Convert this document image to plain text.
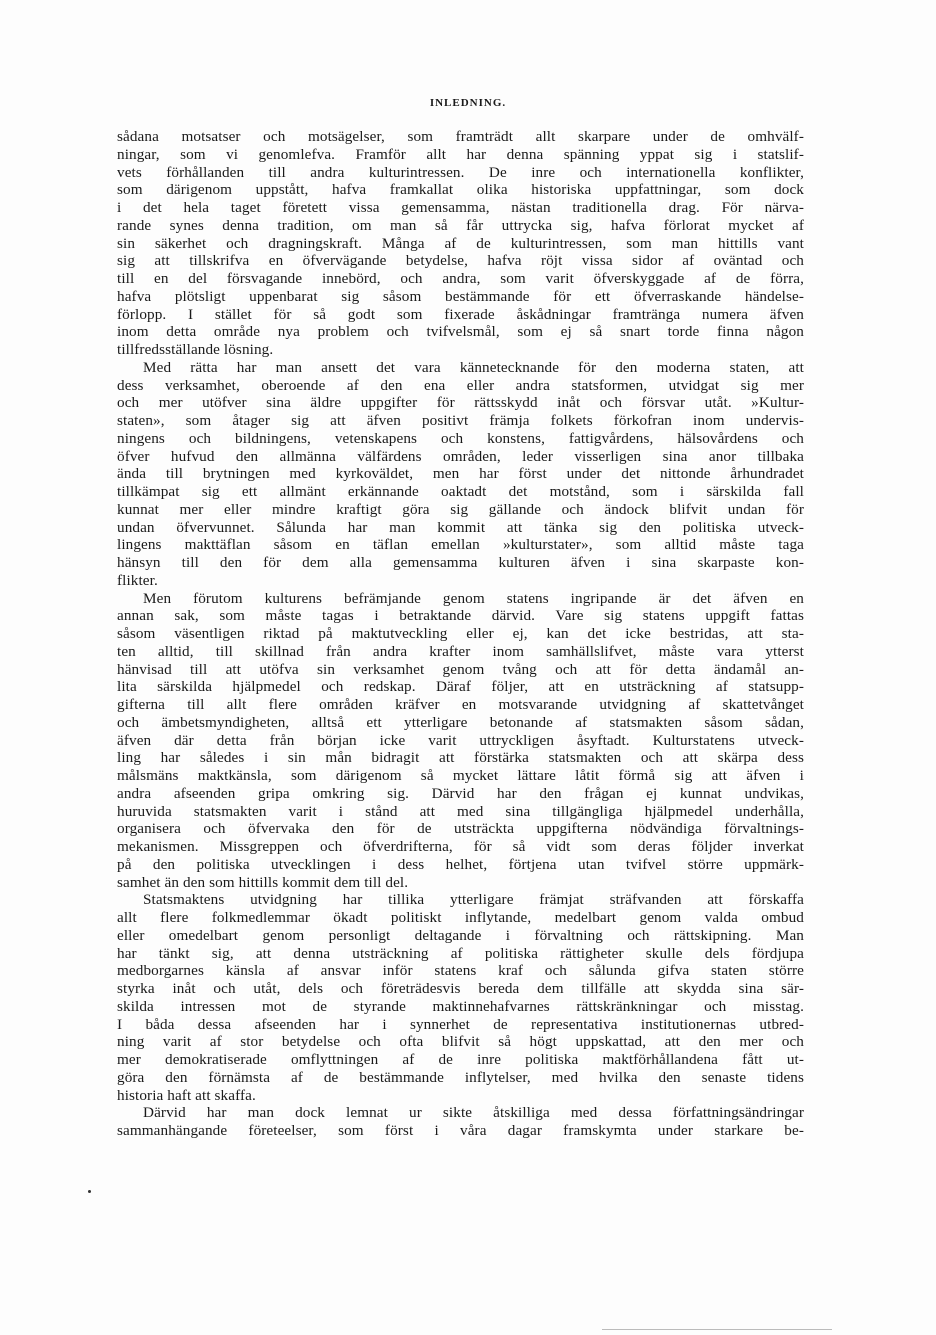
INLEDNING.
sådana motsatser och motsägelser, som framträdt allt skarpare under de omhvälf-
ningar, som vi genomlefva. Framför allt har denna spänning yppat sig i statslif-
vets förhållanden till andra kulturintressen. De inre och internationella konflikter,
som därigenom uppstått, hafva framkallat olika historiska uppfattningar, som dock
i det hela taget företett vissa gemensamma, nästan traditionella drag. För närva-
rande synes denna tradition, om man så får uttrycka sig, hafva förlorat mycket af
sin säkerhet och dragningskraft. Många af de kulturintressen, som man hittills vant
sig att tillskrifva en öfvervägande betydelse, hafva röjt vissa sidor af oväntad och
till en del försvagande innebörd, och andra, som varit öfverskyggade af de förra,
hafva plötsligt uppenbarat sig såsom bestämmande för ett öfverraskande händelse-
förlopp. I stället för så godt som fixerade åskådningar framtränga numera äfven
inom detta område nya problem och tvifvelsmål, som ej så snart torde finna någon
tillfredsställande lösning.
Med rätta har man ansett det vara kännetecknande för den moderna staten, att
dess verksamhet, oberoende af den ena eller andra statsformen, utvidgat sig mer
och mer utöfver sina äldre uppgifter för rättsskydd inåt och försvar utåt. »Kultur-
staten», som åtager sig att äfven positivt främja folkets förkofran inom undervis-
ningens och bildningens, vetenskapens och konstens, fattigvårdens, hälsovårdens och
öfver hufvud den allmänna välfärdens områden, leder visserligen sina anor tillbaka
ända till brytningen med kyrkoväldet, men har först under det nittonde århundradet
tillkämpat sig ett allmänt erkännande oaktadt det motstånd, som i särskilda fall
kunnat mer eller mindre kraftigt göra sig gällande och ändock blifvit undan för
undan öfvervunnet. Sålunda har man kommit att tänka sig den politiska utveck-
lingens makttäflan såsom en täflan emellan »kulturstater», som alltid måste taga
hänsyn till den för dem alla gemensamma kulturen äfven i sina skarpaste kon-
flikter.
Men förutom kulturens befrämjande genom statens ingripande är det äfven en
annan sak, som måste tagas i betraktande därvid. Vare sig statens uppgift fattas
såsom väsentligen riktad på maktutveckling eller ej, kan det icke bestridas, att sta-
ten alltid, till skillnad från andra krafter inom samhällslifvet, måste vara ytterst
hänvisad till att utöfva sin verksamhet genom tvång och att för detta ändamål an-
lita särskilda hjälpmedel och redskap. Däraf följer, att en utsträckning af statsupp-
gifterna till allt flere områden kräfver en motsvarande utvidgning af skattetvånget
och ämbetsmyndigheten, alltså ett ytterligare betonande af statsmakten såsom sådan,
äfven där detta från början icke varit uttryckligen åsyftadt. Kulturstatens utveck-
ling har således i sin mån bidragit att förstärka statsmakten och att skärpa dess
målsmäns maktkänsla, som därigenom så mycket lättare låtit förmå sig att äfven i
andra afseenden gripa omkring sig. Därvid har den frågan ej kunnat undvikas,
huruvida statsmakten varit i stånd att med sina tillgängliga hjälpmedel underhålla,
organisera och öfvervaka den för de utsträckta uppgifterna nödvändiga förvaltnings-
mekanismen. Missgreppen och öfverdrifterna, för så vidt som deras följder inverkat
på den politiska utvecklingen i dess helhet, förtjena utan tvifvel större uppmärk-
samhet än den som hittills kommit dem till del.
Statsmaktens utvidgning har tillika ytterligare främjat sträfvanden att förskaffa
allt flere folkmedlemmar ökadt politiskt inflytande, medelbart genom valda ombud
eller omedelbart genom personligt deltagande i förvaltning och rättskipning. Man
har tänkt sig, att denna utsträckning af politiska rättigheter skulle dels fördjupa
medborgarnes känsla af ansvar inför statens kraf och sålunda gifva staten större
styrka inåt och utåt, dels och företrädesvis bereda dem tillfälle att skydda sina sär-
skilda intressen mot de styrande maktinnehafvarnes rättskränkningar och misstag.
I båda dessa afseenden har i synnerhet de representativa institutionernas utbred-
ning varit af stor betydelse och ofta blifvit så högt uppskattad, att den mer och
mer demokratiserade omflyttningen af de inre politiska maktförhållandena fått ut-
göra den förnämsta af de bestämmande inflytelser, med hvilka den senaste tidens
historia haft att skaffa.
Därvid har man dock lemnat ur sikte åtskilliga med dessa författningsändringar
sammanhängande företeelser, som först i våra dagar framskymta under starkare be-
